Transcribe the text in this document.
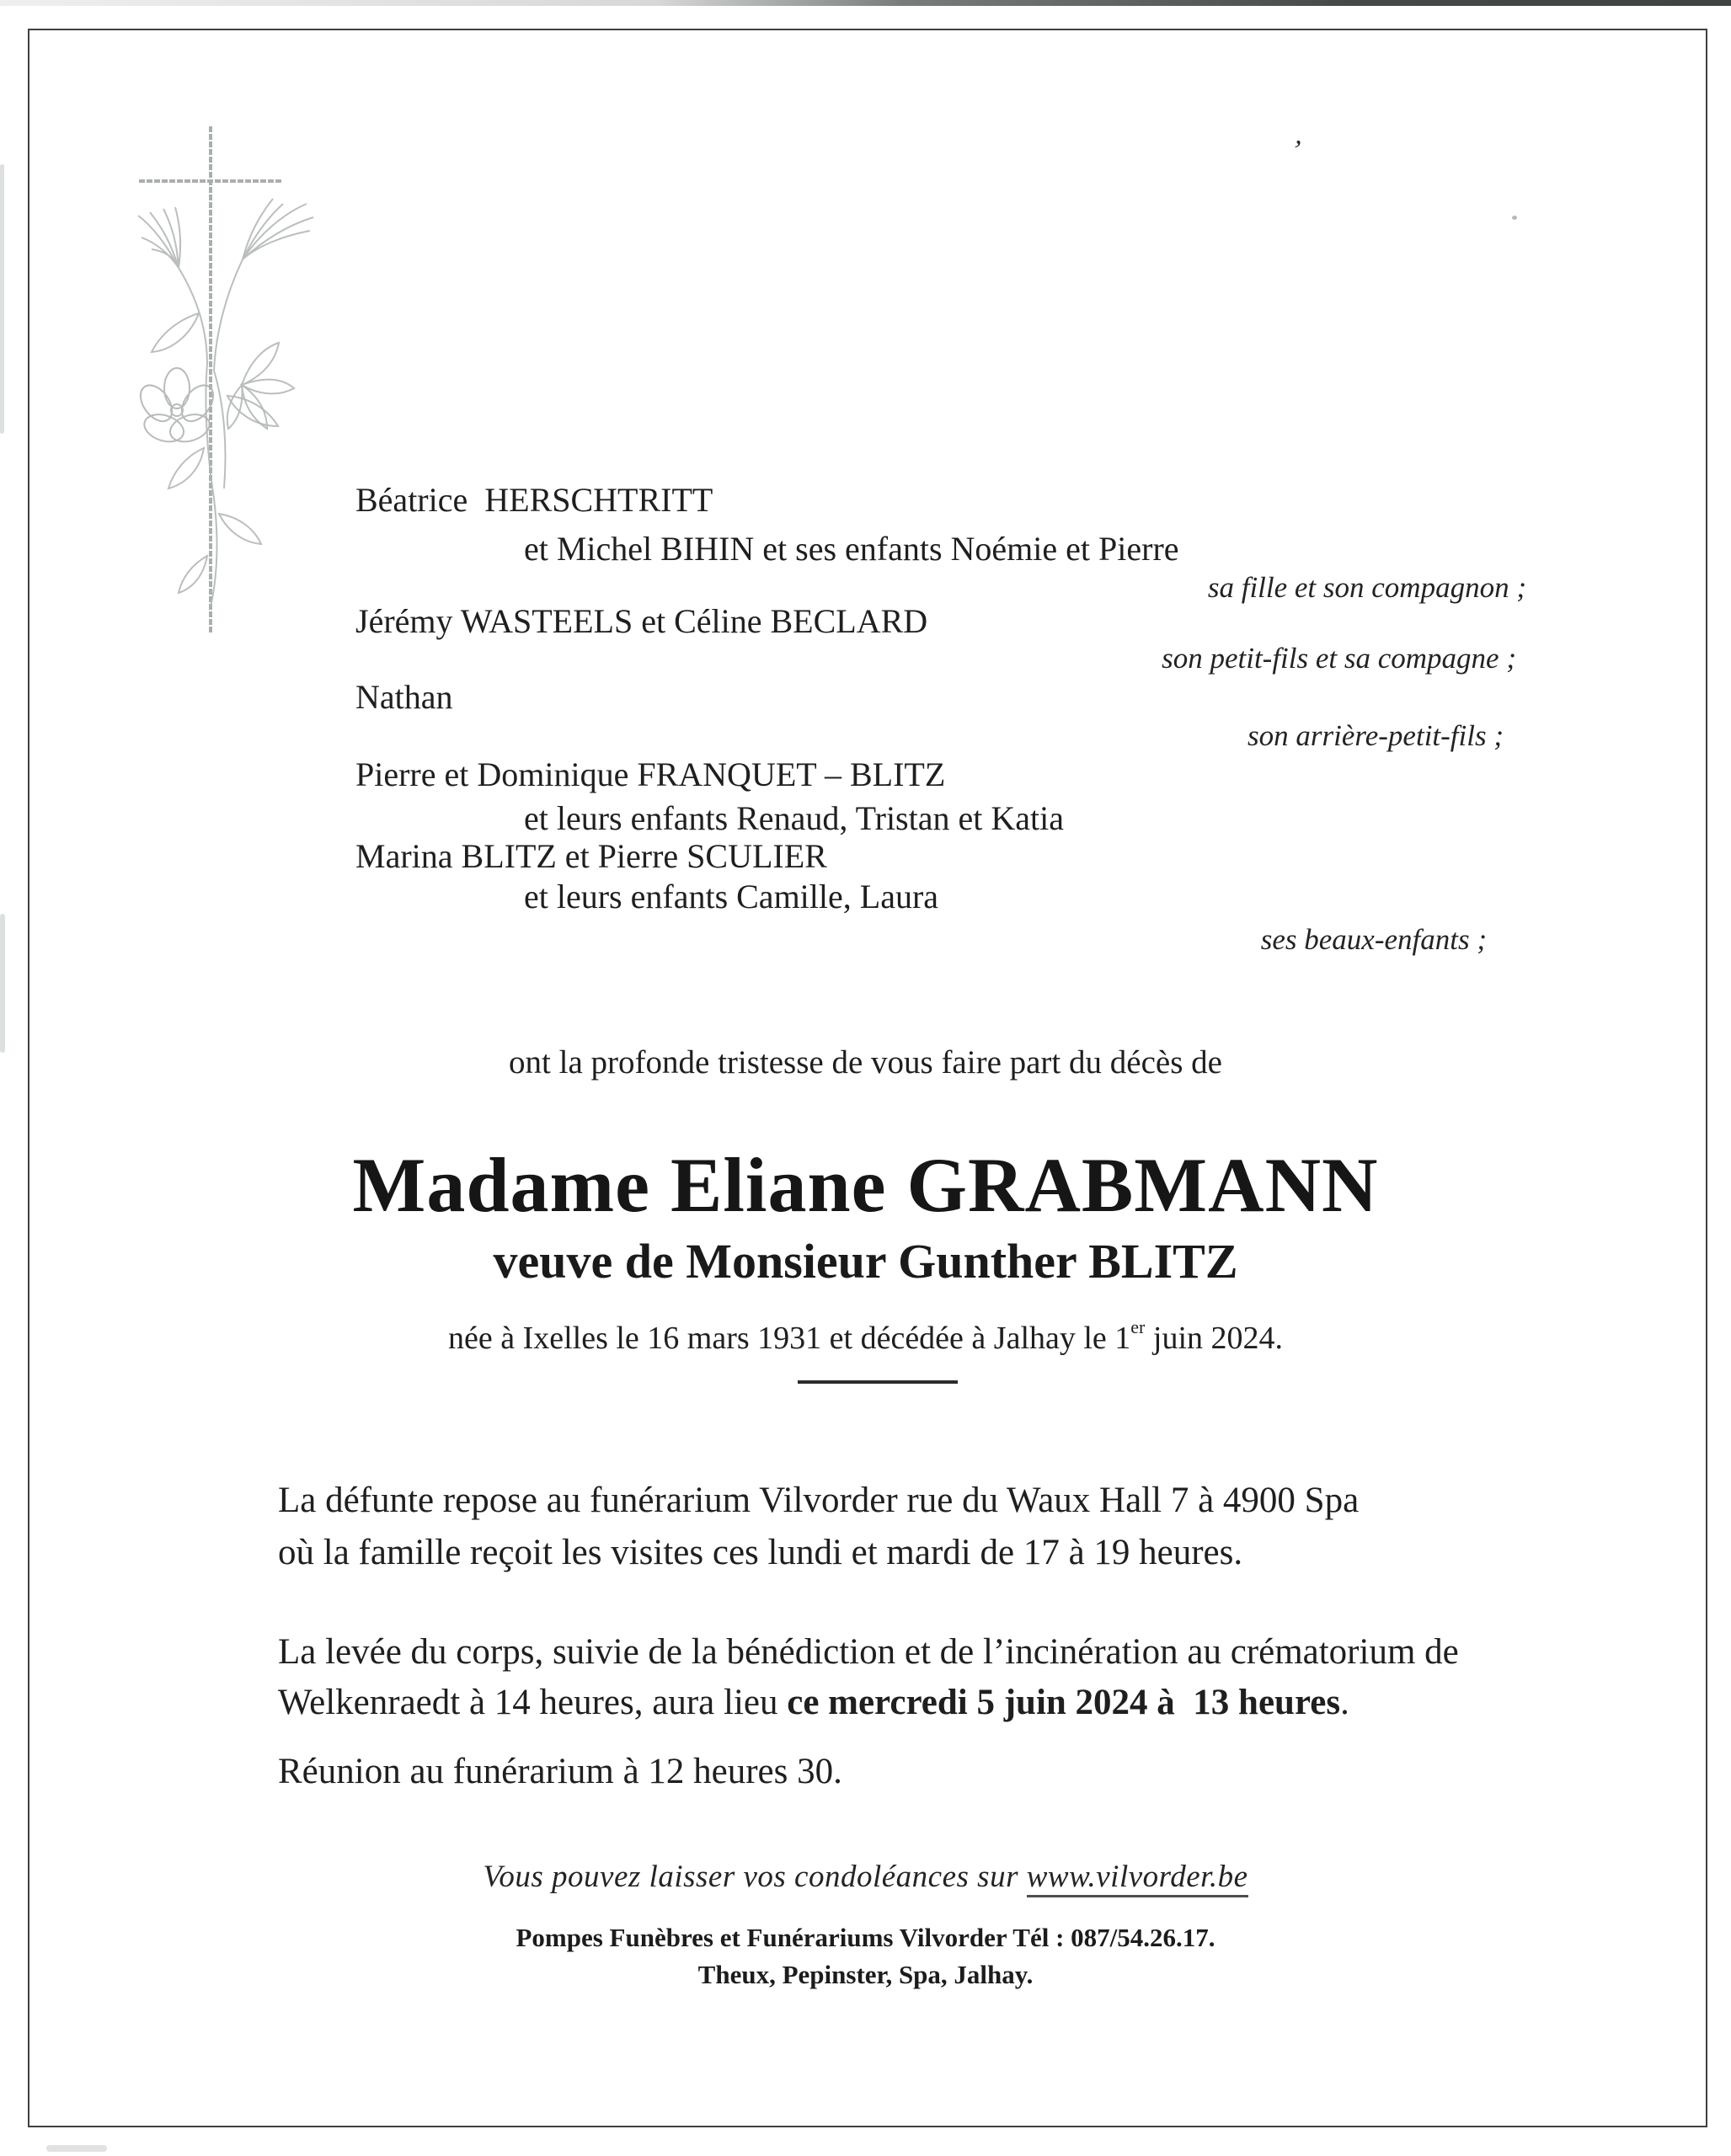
’
Béatrice  HERSCHTRITT
et Michel BIHIN et ses enfants Noémie et Pierre
sa fille et son compagnon ;
Jérémy WASTEELS et Céline BECLARD
son petit-fils et sa compagne ;
Nathan
son arrière-petit-fils ;
Pierre et Dominique FRANQUET – BLITZ
et leurs enfants Renaud, Tristan et Katia
Marina BLITZ et Pierre SCULIER
et leurs enfants Camille, Laura
ses beaux-enfants ;
ont la profonde tristesse de vous faire part du décès de
Madame Eliane GRABMANN
veuve de Monsieur Gunther BLITZ
née à Ixelles le 16 mars 1931 et décédée à Jalhay le 1er juin 2024.
La défunte repose au funérarium Vilvorder rue du Waux Hall 7 à 4900 Spa
où la famille reçoit les visites ces lundi et mardi de 17 à 19 heures.
La levée du corps, suivie de la bénédiction et de l’incinération au crématorium de
Welkenraedt à 14 heures, aura lieu ce mercredi 5 juin 2024 à  13 heures.
Réunion au funérarium à 12 heures 30.
Vous pouvez laisser vos condoléances sur www.vilvorder.be
Pompes Funèbres et Funérariums Vilvorder Tél : 087/54.26.17.
Theux, Pepinster, Spa, Jalhay.
